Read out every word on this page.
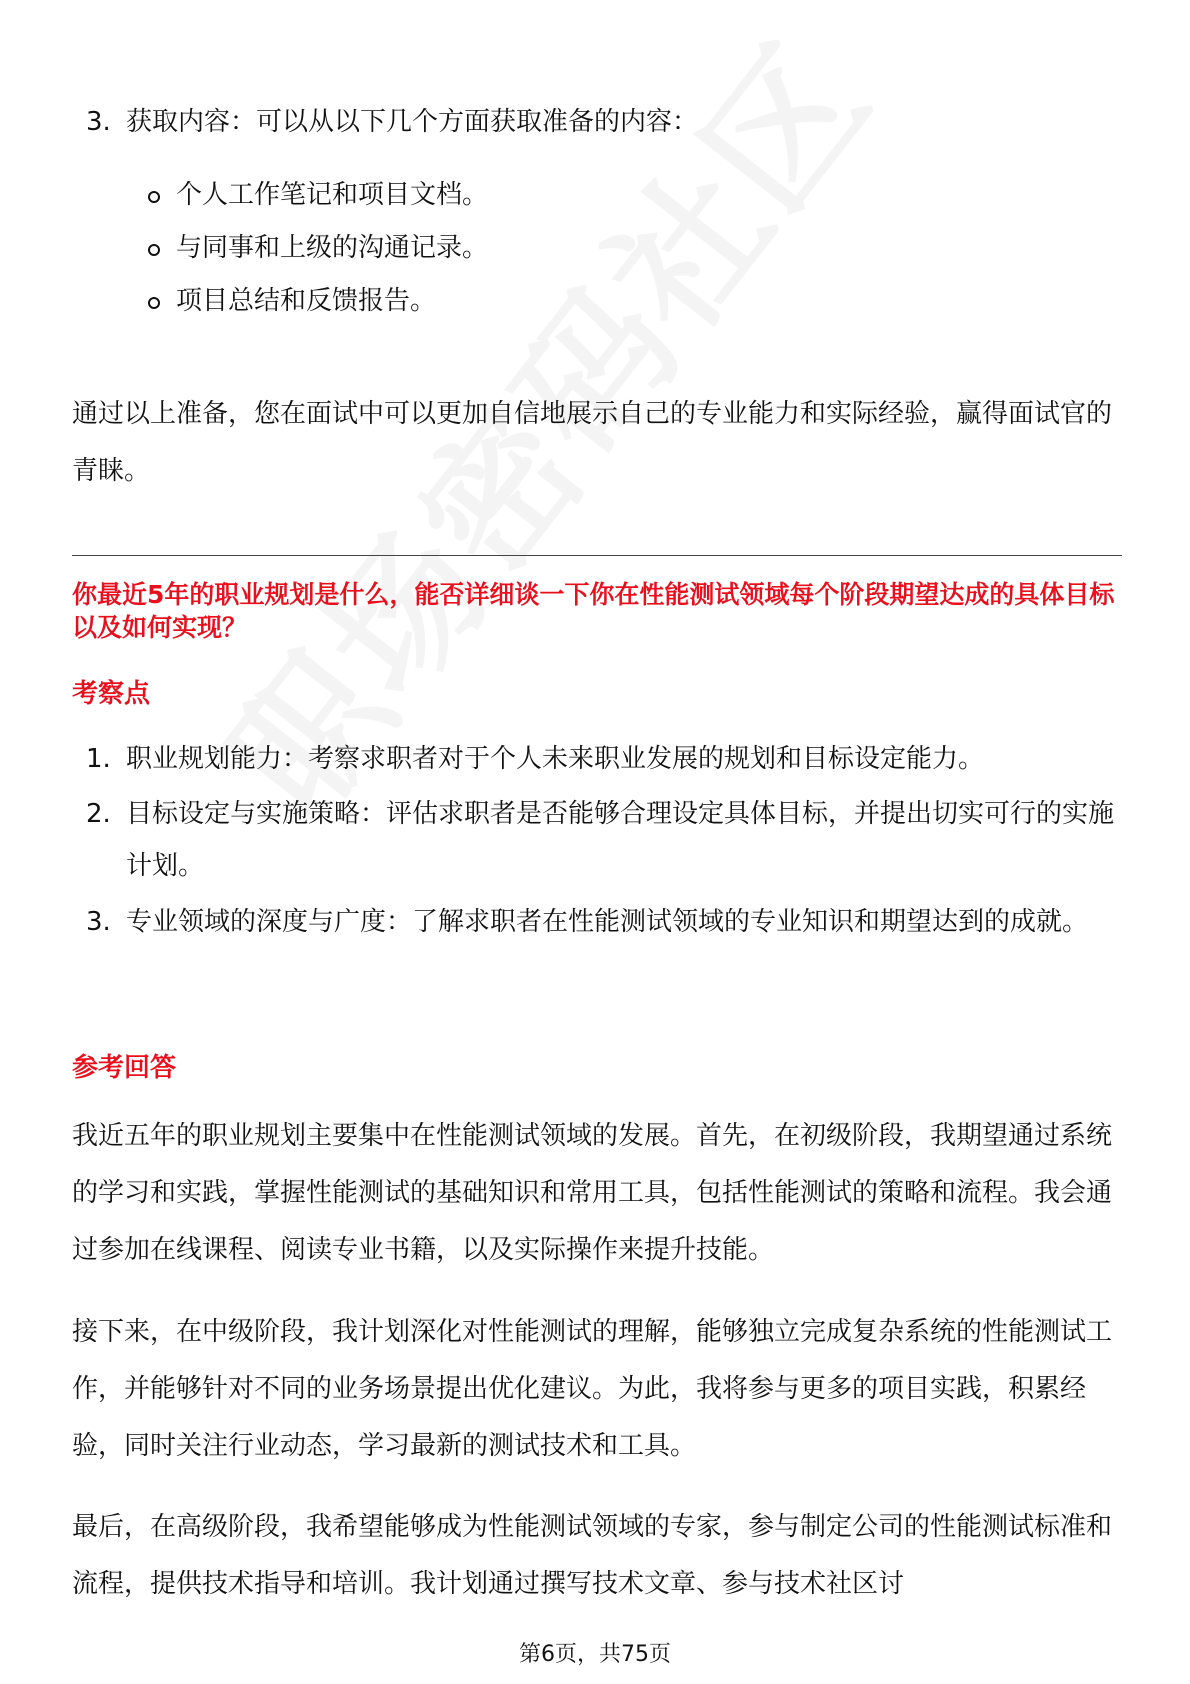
3. 获取内容：可以从以下几个方面获取准备的内容：
个人工作笔记和项目文档。
与同事和上级的沟通记录。
项目总结和反馈报告。
通过以上准备，您在面试中可以更加自信地展示自己的专业能力和实际经验，赢得面试官的青睐。
你最近5年的职业规划是什么，能否详细谈一下你在性能测试领域每个阶段期望达成的具体目标以及如何实现？
考察点
1. 职业规划能力：考察求职者对于个人未来职业发展的规划和目标设定能力。
2. 目标设定与实施策略：评估求职者是否能够合理设定具体目标，并提出切实可行的实施计划。
3. 专业领域的深度与广度：了解求职者在性能测试领域的专业知识和期望达到的成就。
参考回答
我近五年的职业规划主要集中在性能测试领域的发展。首先，在初级阶段，我期望通过系统的学习和实践，掌握性能测试的基础知识和常用工具，包括性能测试的策略和流程。我会通过参加在线课程、阅读专业书籍，以及实际操作来提升技能。
接下来，在中级阶段，我计划深化对性能测试的理解，能够独立完成复杂系统的性能测试工作，并能够针对不同的业务场景提出优化建议。为此，我将参与更多的项目实践，积累经验，同时关注行业动态，学习最新的测试技术和工具。
最后，在高级阶段，我希望能够成为性能测试领域的专家，参与制定公司的性能测试标准和流程，提供技术指导和培训。我计划通过撰写技术文章、参与技术社区讨
第6页，共75页
